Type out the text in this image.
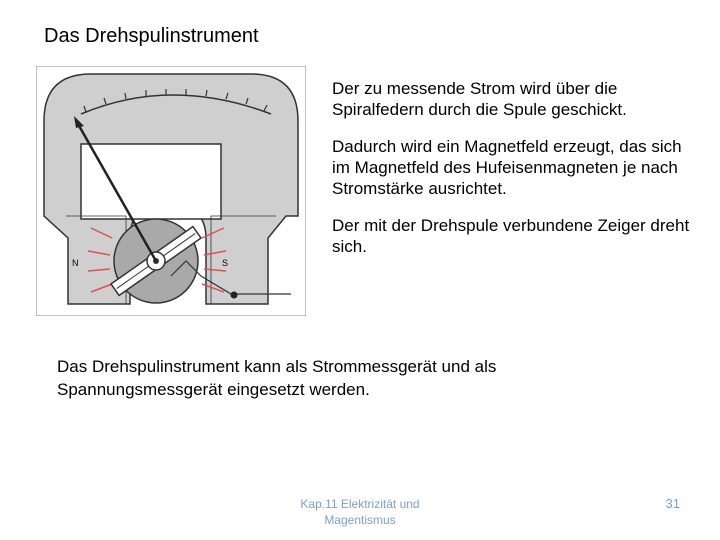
Das Drehspulinstrument
N	S

Der zu messende Strom wird über die Spiralfedern durch die Spule geschickt.

Dadurch wird ein Magnetfeld erzeugt, das sich im Magnetfeld des Hufeisenmagneten je nach Stromstärke ausrichtet.

Der mit der Drehspule verbundene Zeiger dreht sich.

Das Drehspulinstrument kann als Strommessgerät und als Spannungsmessgerät eingesetzt werden.
Kap.11 Elektrizität und Magentismus
31
